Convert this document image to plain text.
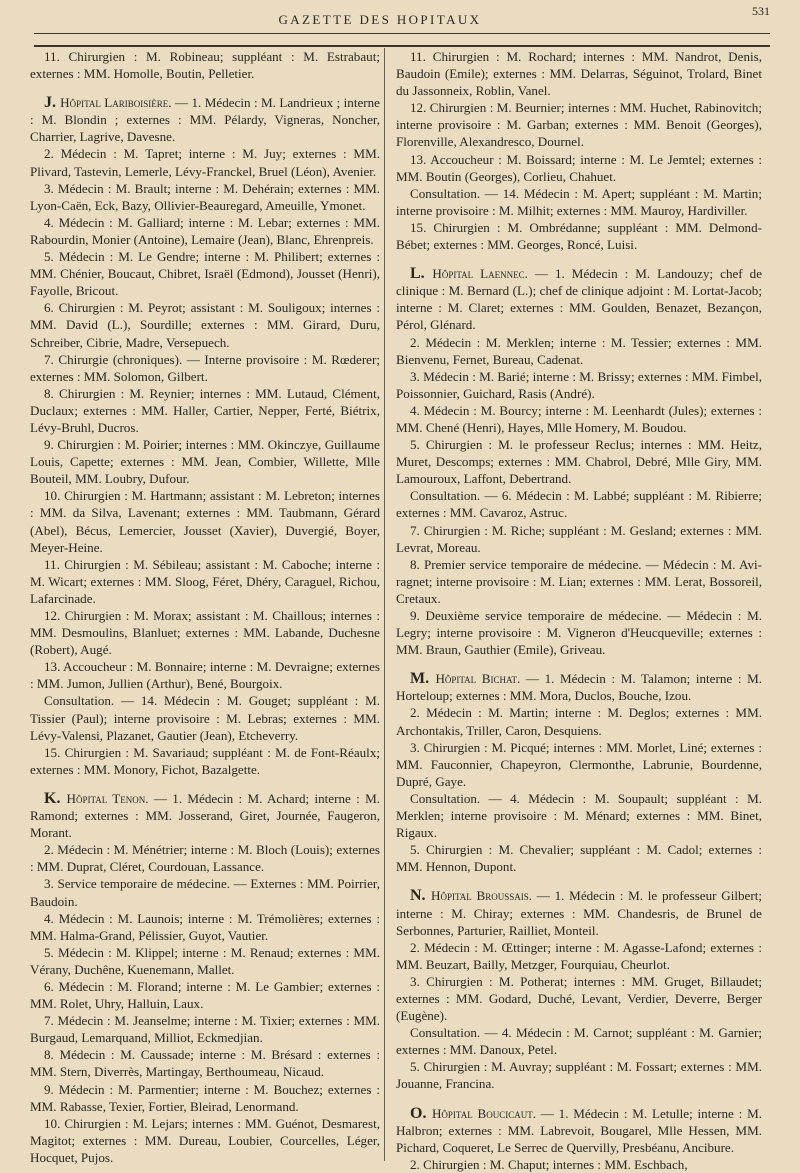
GAZETTE DES HOPITAUX
531

11. Chirurgien : M. Robineau; suppléant : M. Estrabaut; externes : MM. Homolle, Boutin, Pelletier.

J. Hôpital Lariboisière. — 1. Médecin : M. Landrieux ; interne : M. Blondin ; externes : MM. Pélardy, Vigneras, Noncher, Charrier, Lagrive, Davesne.

2. Médecin : M. Tapret; interne : M. Juy; externes : MM. Plivard, Tastevin, Lemerle, Lévy-Franckel, Bruel (Léon), Avenier.

3. Médecin : M. Brault; interne : M. Dehérain; externes : MM. Lyon-Caën, Eck, Bazy, Ollivier-Beauregard, Ameuille, Ymonet.

4. Médecin : M. Galliard; interne : M. Lebar; externes : MM. Rabourdin, Monier (Antoine), Lemaire (Jean), Blanc, Ehrenpreis.

5. Médecin : M. Le Gendre; interne : M. Philibert; externes : MM. Chénier, Boucaut, Chibret, Israël (Edmond), Jousset (Henri), Fayolle, Bricout.

6. Chirurgien : M. Peyrot; assistant : M. Souligoux; internes : MM. David (L.), Sourdille; externes : MM. Girard, Duru, Schreiber, Cibrie, Madre, Versepuech.

7. Chirurgie (chroniques). — Interne provisoire : M. Rœderer; externes : MM. Solomon, Gilbert.

8. Chirurgien : M. Reynier; internes : MM. Lutaud, Clément, Duclaux; externes : MM. Haller, Cartier, Nepper, Ferté, Biétrix, Lévy-Bruhl, Ducros.

9. Chirurgien : M. Poirier; internes : MM. Okinczye, Guillaume Louis, Capette; externes : MM. Jean, Combier, Willette, Mlle Bouteil, MM. Loubry, Dufour.

10. Chirurgien : M. Hartmann; assistant : M. Lebreton; internes : MM. da Silva, Lavenant; externes : MM. Taubmann, Gérard (Abel), Bécus, Lemercier, Jousset (Xavier), Duvergié, Boyer, Meyer-Heine.

11. Chirurgien : M. Sébileau; assistant : M. Caboche; interne : M. Wicart; externes : MM. Sloog, Féret, Dhéry, Caraguel, Richou, Lafarcinade.

12. Chirurgien : M. Morax; assistant : M. Chaillous; internes : MM. Desmoulins, Blanluet; externes : MM. Labande, Duchesne (Robert), Augé.

13. Accoucheur : M. Bonnaire; interne : M. Devraigne; externes : MM. Jumon, Jullien (Arthur), Bené, Bourgoix.

Consultation. — 14. Médecin : M. Gouget; suppléant : M. Tissier (Paul); interne provisoire : M. Lebras; externes : MM. Lévy-Valensi, Plazanet, Gautier (Jean), Etcheverry.

15. Chirurgien : M. Savariaud; suppléant : M. de Font-Réaulx; externes : MM. Monory, Fichot, Bazalgette.

K. Hôpital Tenon. — 1. Médecin : M. Achard; interne : M. Ramond; externes : MM. Josserand, Giret, Journée, Faugeron, Morant.

2. Médecin : M. Ménétrier; interne : M. Bloch (Louis); externes : MM. Duprat, Cléret, Courdouan, Lassance.

3. Service temporaire de médecine. — Externes : MM. Poirrier, Baudoin.

4. Médecin : M. Launois; interne : M. Trémolières; externes : MM. Halma-Grand, Pélissier, Guyot, Vautier.

5. Médecin : M. Klippel; interne : M. Renaud; externes : MM. Vérany, Duchêne, Kuenemann, Mallet.

6. Médecin : M. Florand; interne : M. Le Gambier; externes : MM. Rolet, Uhry, Halluin, Laux.

7. Médecin : M. Jeanselme; interne : M. Tixier; externes : MM. Burgaud, Lemarquand, Milliot, Eckmedjian.

8. Médecin : M. Caussade; interne : M. Brésard : externes : MM. Stern, Diverrès, Martingay, Berthoumeau, Nicaud.

9. Médecin : M. Parmentier; interne : M. Bouchez; externes : MM. Rabasse, Texier, Fortier, Bleirad, Lenormand.

10. Chirurgien : M. Lejars; internes : MM. Guénot, Desmarest, Magitot; externes : MM. Dureau, Loubier, Courcelles, Léger, Hocquet, Pujos.

11. Chirurgien : M. Rochard; internes : MM. Nandrot, Denis, Baudoin (Emile); externes : MM. Delarras, Séguinot, Trolard, Binet du Jassonneix, Roblin, Vanel.

12. Chirurgien : M. Beurnier; internes : MM. Huchet, Rabinovitch; interne provisoire : M. Garban; externes : MM. Benoit (Georges), Florenville, Alexandresco, Dournel.

13. Accoucheur : M. Boissard; interne : M. Le Jemtel; externes : MM. Boutin (Georges), Corlieu, Chahuet.

Consultation. — 14. Médecin : M. Apert; suppléant : M. Martin; interne provisoire : M. Milhit; externes : MM. Mauroy, Hardiviller.

15. Chirurgien : M. Ombrédanne; suppléant : MM. Delmond-Bébet; externes : MM. Georges, Roncé, Luisi.

L. Hôpital Laennec. — 1. Médecin : M. Landouzy; chef de clinique : M. Bernard (L.); chef de clinique adjoint : M. Lortat-Jacob; interne : M. Claret; externes : MM. Goulden, Benazet, Bezançon, Pérol, Glénard.

2. Médecin : M. Merklen; interne : M. Tessier; externes : MM. Bienvenu, Fernet, Bureau, Cadenat.

3. Médecin : M. Barié; interne : M. Brissy; externes : MM. Fimbel, Poissonnier, Guichard, Rasis (André).

4. Médecin : M. Bourcy; interne : M. Leenhardt (Jules); externes : MM. Chené (Henri), Hayes, Mlle Homery, M. Boudou.

5. Chirurgien : M. le professeur Reclus; internes : MM. Heitz, Muret, Descomps; externes : MM. Chabrol, Debré, Mlle Giry, MM. Lamouroux, Laffont, Debertrand.

Consultation. — 6. Médecin : M. Labbé; suppléant : M. Ribierre; externes : MM. Cavaroz, Astruc.

7. Chirurgien : M. Riche; suppléant : M. Gesland; externes : MM. Levrat, Moreau.

8. Premier service temporaire de médecine. — Médecin : M. Avi-ragnet; interne provisoire : M. Lian; externes : MM. Lerat, Bossoreil, Cretaux.

9. Deuxième service temporaire de médecine. — Médecin : M. Legry; interne provisoire : M. Vigneron d'Heucqueville; externes : MM. Braun, Gauthier (Emile), Griveau.

M. Hôpital Bichat. — 1. Médecin : M. Talamon; interne : M. Horteloup; externes : MM. Mora, Duclos, Bouche, Izou.

2. Médecin : M. Martin; interne : M. Deglos; externes : MM. Archontakis, Triller, Caron, Desquiens.

3. Chirurgien : M. Picqué; internes : MM. Morlet, Liné; externes : MM. Fauconnier, Chapeyron, Clermonthe, Labrunie, Bourdenne, Dupré, Gaye.

Consultation. — 4. Médecin : M. Soupault; suppléant : M. Merklen; interne provisoire : M. Ménard; externes : MM. Binet, Rigaux.

5. Chirurgien : M. Chevalier; suppléant : M. Cadol; externes : MM. Hennon, Dupont.

N. Hôpital Broussais. — 1. Médecin : M. le professeur Gilbert; interne : M. Chiray; externes : MM. Chandesris, de Brunel de Serbonnes, Parturier, Railliet, Monteil.

2. Médecin : M. Œttinger; interne : M. Agasse-Lafond; externes : MM. Beuzart, Bailly, Metzger, Fourquiau, Cheurlot.

3. Chirurgien : M. Potherat; internes : MM. Gruget, Billaudet; externes : MM. Godard, Duché, Levant, Verdier, Deverre, Berger (Eugène).

Consultation. — 4. Médecin : M. Carnot; suppléant : M. Garnier; externes : MM. Danoux, Petel.

5. Chirurgien : M. Auvray; suppléant : M. Fossart; externes : MM. Jouanne, Francina.

O. Hôpital Boucicaut. — 1. Médecin : M. Letulle; interne : M. Halbron; externes : MM. Labrevoit, Bougarel, Mlle Hessen, MM. Pichard, Coqueret, Le Serrec de Quervilly, Presbéanu, Ancibure.

2. Chirurgien : M. Chaput; internes : MM. Eschbach,
